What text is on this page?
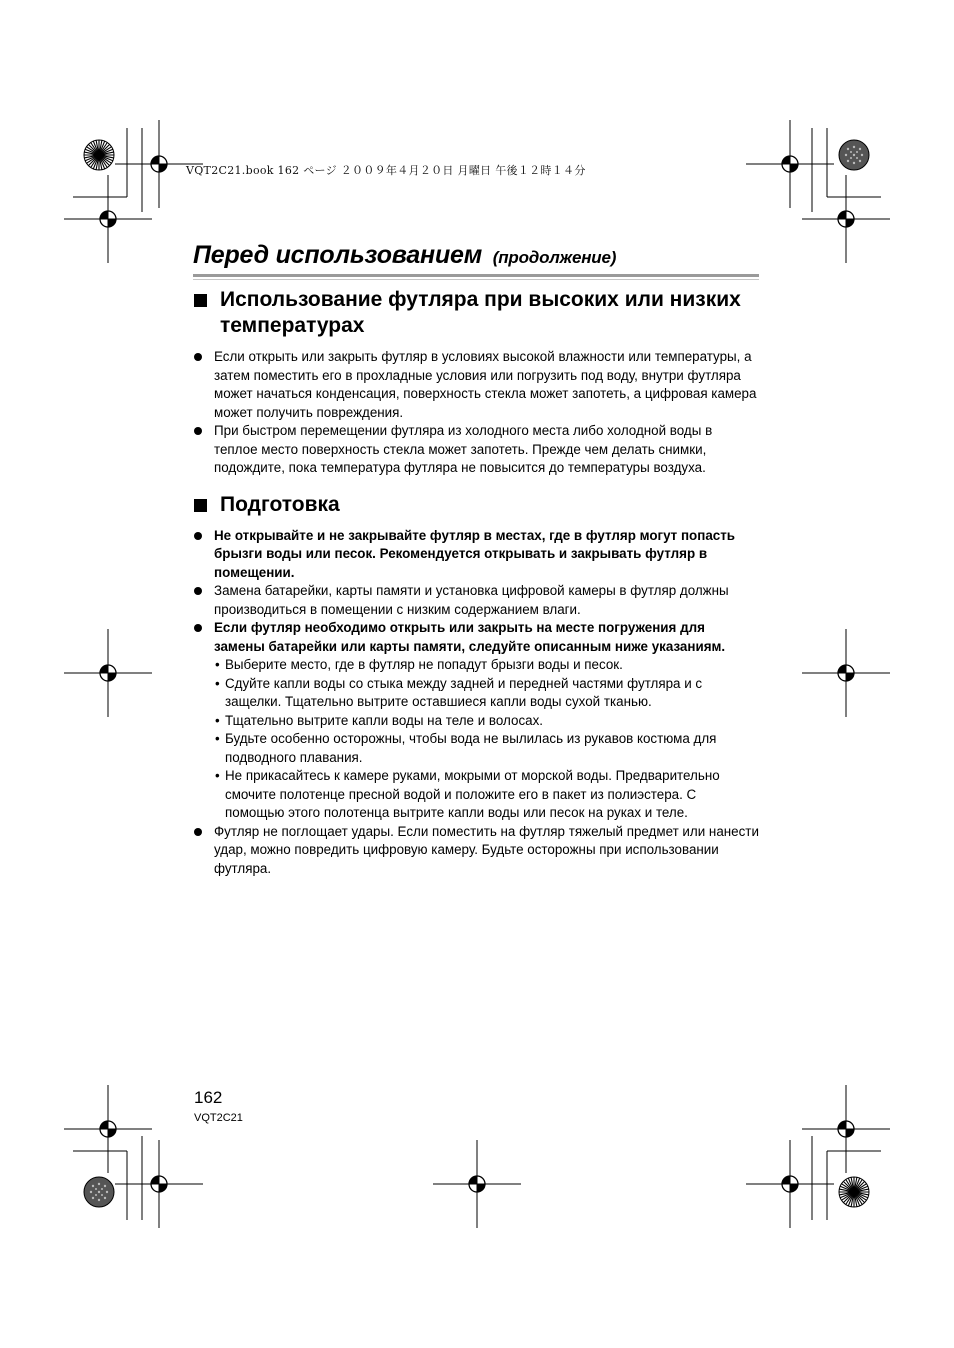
VQT2C21.book 162 ページ ２００９年４月２０日 月曜日 午後１２時１４分
Перед использованием (продолжение)
Использование футляра при высоких или низких температурах
Если открыть или закрыть футляр в условиях высокой влажности или температуры, а затем поместить его в прохладные условия или погрузить под воду, внутри футляра может начаться конденсация, поверхность стекла может запотеть, а цифровая камера может получить повреждения.
При быстром перемещении футляра из холодного места либо холодной воды в теплое место поверхность стекла может запотеть. Прежде чем делать снимки, подождите, пока температура футляра не повысится до температуры воздуха.
Подготовка
Не открывайте и не закрывайте футляр в местах, где в футляр могут попасть брызги воды или песок. Рекомендуется открывать и закрывать футляр в помещении.
Замена батарейки, карты памяти и установка цифровой камеры в футляр должны производиться в помещении с низким содержанием влаги.
Если футляр необходимо открыть или закрыть на месте погружения для замены батарейки или карты памяти, следуйте описанным ниже указаниям.
• Выберите место, где в футляр не попадут брызги воды и песок.
• Сдуйте капли воды со стыка между задней и передней частями футляра и с защелки. Тщательно вытрите оставшиеся капли воды сухой тканью.
• Тщательно вытрите капли воды на теле и волосах.
• Будьте особенно осторожны, чтобы вода не вылилась из рукавов костюма для подводного плавания.
• Не прикасайтесь к камере руками, мокрыми от морской воды. Предварительно смочите полотенце пресной водой и положите его в пакет из полиэстера. С помощью этого полотенца вытрите капли воды или песок на руках и теле.
Футляр не поглощает удары. Если поместить на футляр тяжелый предмет или нанести удар, можно повредить цифровую камеру. Будьте осторожны при использовании футляра.
162
VQT2C21
